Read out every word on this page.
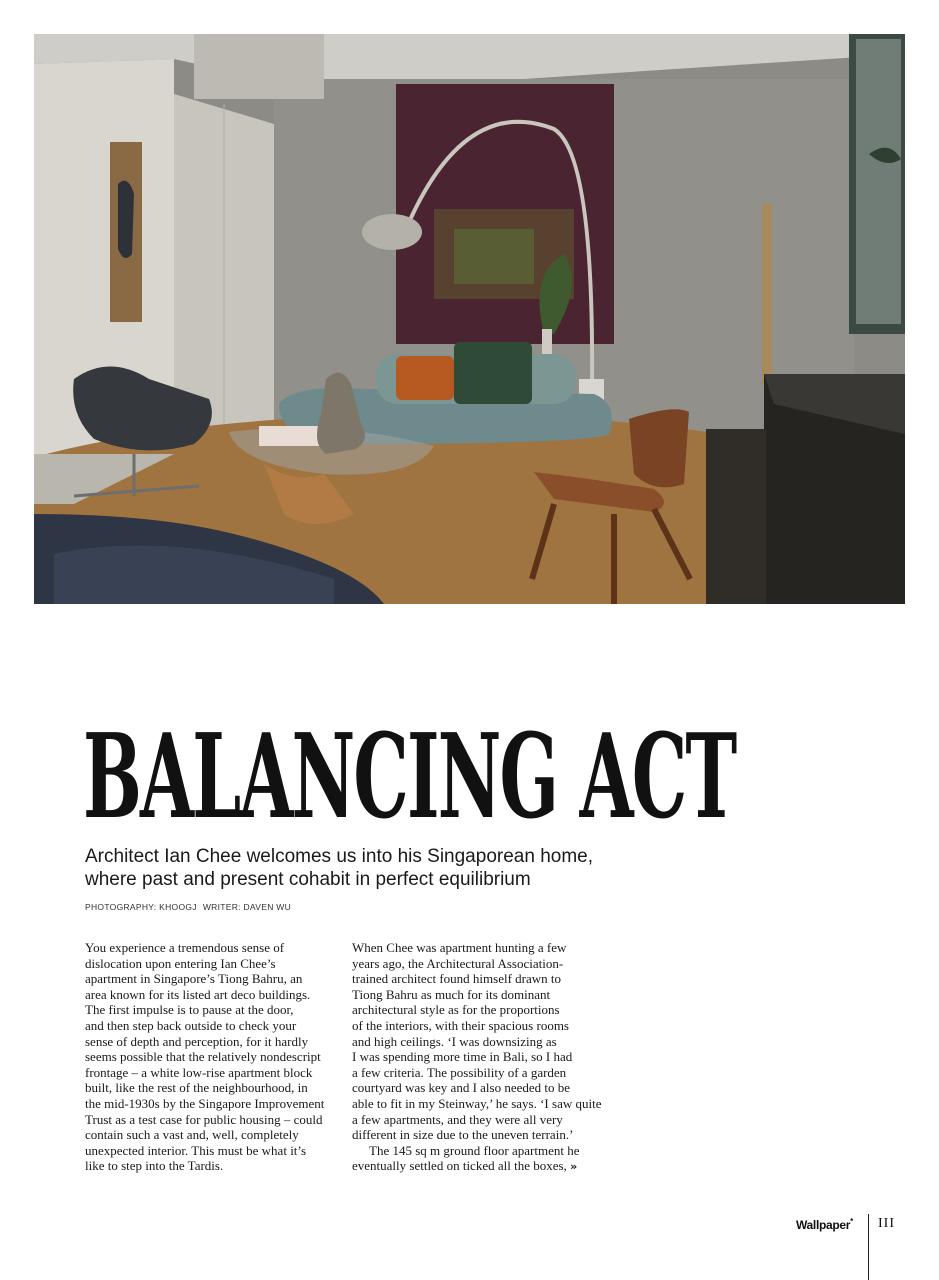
BALANCING ACT

Architect Ian Chee welcomes us into his Singaporean home,
where past and present cohabit in perfect equilibrium

PHOTOGRAPHY: KHOOGJ WRITER: DAVEN WU
You experience a tremendous sense of
dislocation upon entering Ian Chee’s
apartment in Singapore’s Tiong Bahru, an
area known for its listed art deco buildings.
The first impulse is to pause at the door,
and then step back outside to check your
sense of depth and perception, for it hardly
seems possible that the relatively nondescript
frontage – a white low-rise apartment block
built, like the rest of the neighbourhood, in
the mid-1930s by the Singapore Improvement
Trust as a test case for public housing – could
contain such a vast and, well, completely
unexpected interior. This must be what it’s
like to step into the Tardis.
When Chee was apartment hunting a few
years ago, the Architectural Association-
trained architect found himself drawn to
Tiong Bahru as much for its dominant
architectural style as for the proportions
of the interiors, with their spacious rooms
and high ceilings. ‘I was downsizing as
I was spending more time in Bali, so I had
a few criteria. The possibility of a garden
courtyard was key and I also needed to be
able to fit in my Steinway,’ he says. ‘I saw quite
a few apartments, and they were all very
different in size due to the uneven terrain.’
The 145 sq m ground floor apartment he
eventually settled on ticked all the boxes, »
Wallpaper* III
